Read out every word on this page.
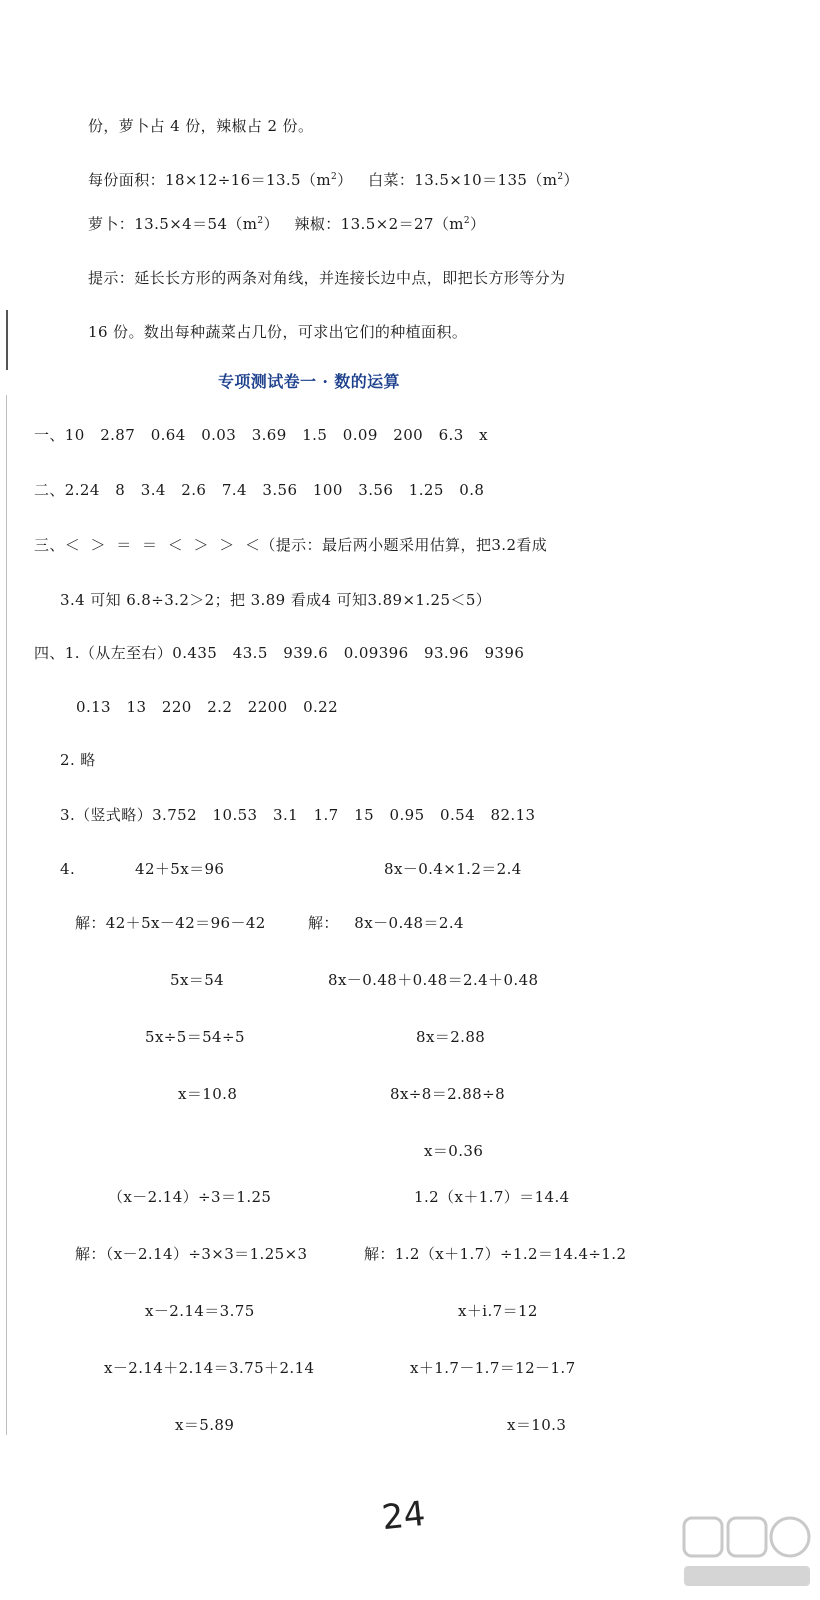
份，萝卜占 4 份，辣椒占 2 份。
每份面积：$18\times 12\div 16=13.5(m^2)$   白菜：$13.5\times 10=135(m^2)$
萝卜：$13.5\times 4=54(m^2)$   辣椒：$13.5\times 2=27(m^2)$
提示：延长长方形的两条对角线，并连接长边中点，即把长方形等分为
16 份。数出每种蔬菜占几份，可求出它们的种植面积。
专项测试卷一 · 数的运算
一、10   2.87   0.64   0.03   3.69   1.5   0.09   200   6.3   x
二、2.24   8   3.4   2.6   7.4   3.56   100   3.56   1.25   0.8
三、＜  ＞  ＝  ＝  ＜  ＞  ＞  ＜（提示：最后两小题采用估算，把3.2看成
3.4 可知 6.8÷3.2＞2；把 3.89 看成4 可知3.89×1.25＜5）
四、1.（从左至右）0.435   43.5   939.6   0.09396   93.96   9396
0.13   13   220   2.2   2200   0.22
2. 略
3.（竖式略）3.752   10.53   3.1   1.7   15   0.95   0.54   82.13
4.	42＋5x＝96
解：42＋5x－42＝96－42
5x＝54
5x÷5＝54÷5
x＝10.8
8x－0.4×1.2＝2.4
解：   8x－0.48＝2.4
8x－0.48＋0.48＝2.4＋0.48
8x＝2.88
8x÷8＝2.88÷8
x＝0.36
（x－2.14）÷3＝1.25
解：（x－2.14）÷3×3＝1.25×3
x－2.14＝3.75
x－2.14＋2.14＝3.75＋2.14
x＝5.89
1.2（x＋1.7）＝14.4
解：1.2（x＋1.7）÷1.2＝14.4÷1.2
x＋i.7＝12
x＋1.7－1.7＝12－1.7
x＝10.3
24
